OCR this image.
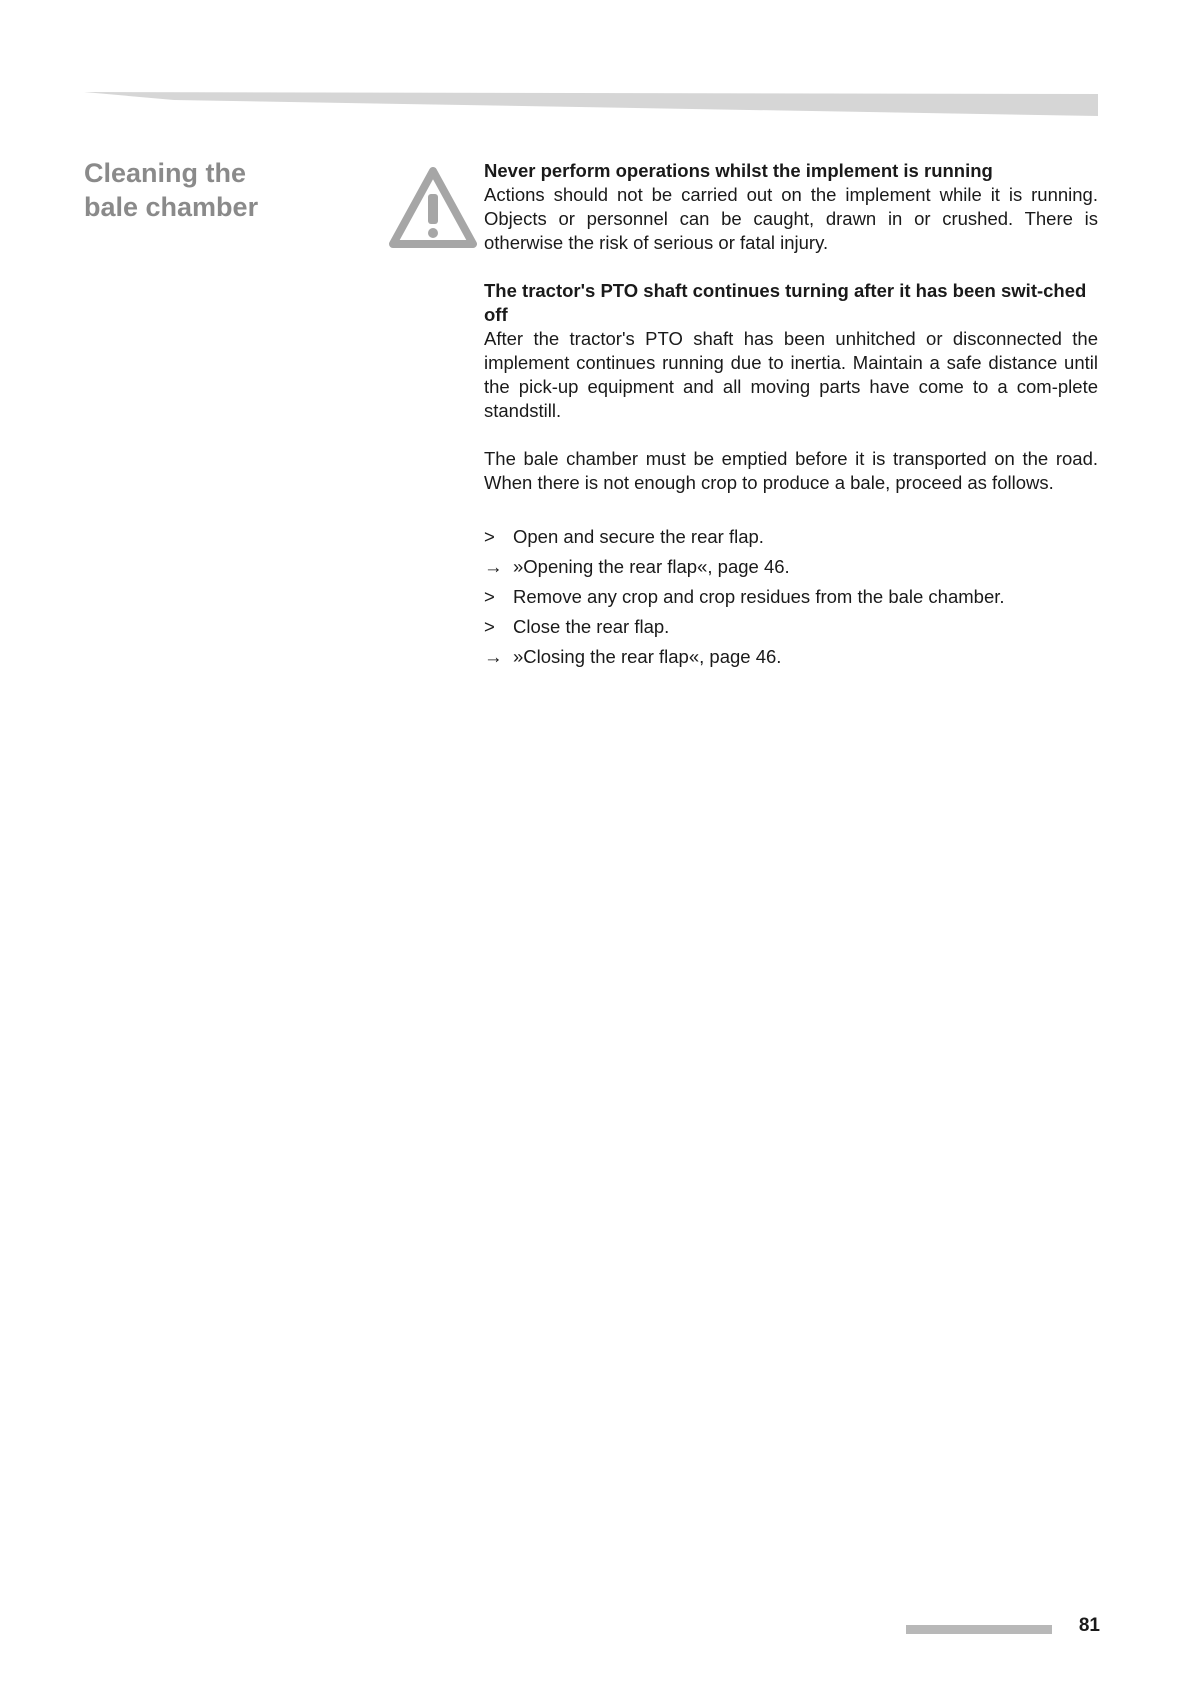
Cleaning the
bale chamber

Never perform operations whilst the implement is running

Actions should not be carried out on the implement while it is running. Objects or personnel can be caught, drawn in or crushed. There is otherwise the risk of serious or fatal injury.

The tractor's PTO shaft continues turning after it has been swit-ched off

After the tractor's PTO shaft has been unhitched or disconnected the implement continues running due to inertia. Maintain a safe distance until the pick-up equipment and all moving parts have come to a com-plete standstill.

The bale chamber must be emptied before it is transported on the road. When there is not enough crop to produce a bale, proceed as follows.

> Open and secure the rear flap.
→ »Opening the rear flap«, page 46.
> Remove any crop and crop residues from the bale chamber.
> Close the rear flap.
→ »Closing the rear flap«, page 46.
81
